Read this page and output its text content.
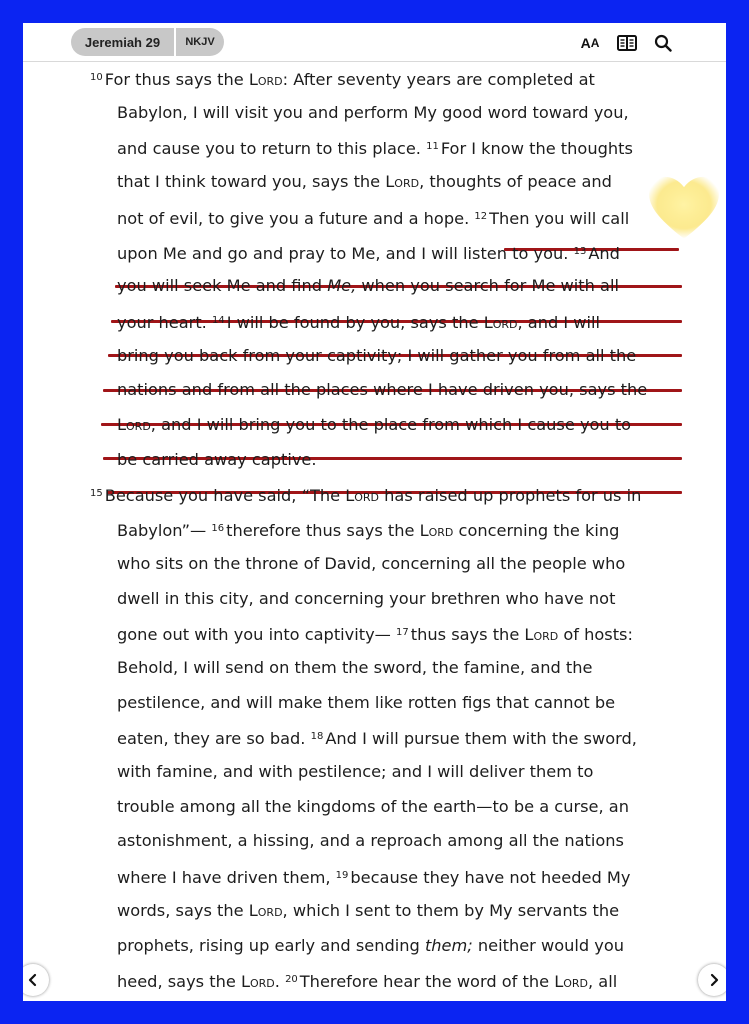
Jeremiah 29	NKJV	A A
$^{10}$ For thus says the Lord: After seventy years are completed at
Babylon, I will visit you and perform My good word toward you,
and cause you to return to this place. $^{11}$ For I know the thoughts
that I think toward you, says the Lord, thoughts of peace and
not of evil, to give you a future and a hope. $^{12}$ Then you will call
upon Me and go and pray to Me, and I will listen to you. $^{13}$ And
you will seek Me and find Me, when you search for Me with all
your heart. $^{14}$ I will be found by you, says the Lord, and I will
bring you back from your captivity; I will gather you from all the
nations and from all the places where I have driven you, says the
Lord, and I will bring you to the place from which I cause you to
be carried away captive.
$^{15}$ Because you have said, “The Lord has raised up prophets for us in
Babylon”— $^{16}$ therefore thus says the Lord concerning the king
who sits on the throne of David, concerning all the people who
dwell in this city, and concerning your brethren who have not
gone out with you into captivity— $^{17}$ thus says the Lord of hosts:
Behold, I will send on them the sword, the famine, and the
pestilence, and will make them like rotten figs that cannot be
eaten, they are so bad. $^{18}$ And I will pursue them with the sword,
with famine, and with pestilence; and I will deliver them to
trouble among all the kingdoms of the earth—to be a curse, an
astonishment, a hissing, and a reproach among all the nations
where I have driven them, $^{19}$ because they have not heeded My
words, says the Lord, which I sent to them by My servants the
prophets, rising up early and sending them; neither would you
heed, says the Lord. $^{20}$ Therefore hear the word of the Lord, all
